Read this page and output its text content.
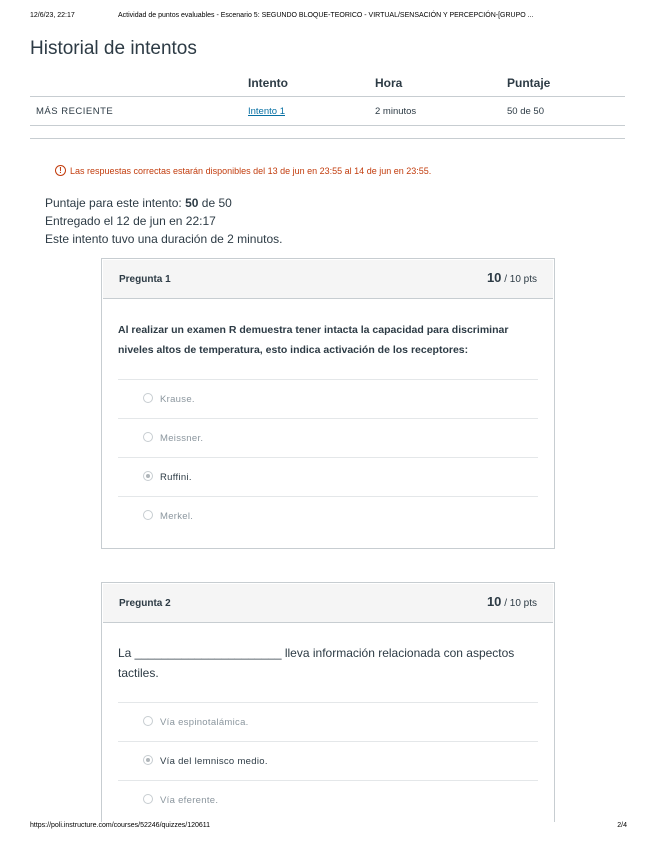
12/6/23, 22:17	Actividad de puntos evaluables - Escenario 5: SEGUNDO BLOQUE-TEORICO - VIRTUAL/SENSACIÓN Y PERCEPCIÓN-[GRUPO ...
Historial de intentos
	Intento	Hora	Puntaje
MÁS RECIENTE	Intento 1	2 minutos	50 de 50
! Las respuestas correctas estarán disponibles del 13 de jun en 23:55 al 14 de jun en 23:55.
Puntaje para este intento: 50 de 50
Entregado el 12 de jun en 22:17
Este intento tuvo una duración de 2 minutos.
Pregunta 1	10 / 10 pts
Al realizar un examen R demuestra tener intacta la capacidad para discriminar niveles altos de temperatura, esto indica activación de los receptores:
Krause.
Meissner.
Ruffini.
Merkel.
Pregunta 2	10 / 10 pts
La ______________________ lleva información relacionada con aspectos tactiles.
Vía espinotalámica.
Vía del lemnisco medio.
Vía eferente.
https://poli.instructure.com/courses/52246/quizzes/120611	2/4
